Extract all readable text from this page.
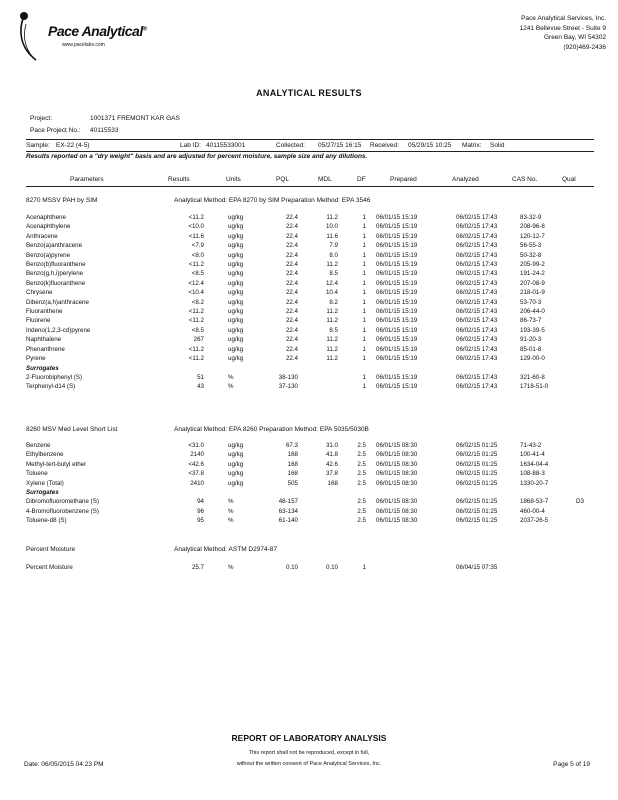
Pace Analytical®
www.pacelabs.com
Pace Analytical Services, Inc.
1241 Bellevue Street - Suite 9
Green Bay, WI 54302
(920)469-2436
ANALYTICAL RESULTS
Project:	1001371 FREMONT KAR GAS
Pace Project No.: 40115533
Sample: EX-22 (4-5)	Lab ID: 40115533001	Collected: 05/27/15 16:15 Received: 05/29/15 10:25 Matrix: Solid
Results reported on a "dry weight" basis and are adjusted for percent moisture, sample size and any dilutions.
Parameters	Results	Units	PQL	MDL	DF	Prepared	Analyzed	CAS No.	Qual
8270 MSSV PAH by SIM	Analytical Method: EPA 8270 by SIM Preparation Method: EPA 3546
Acenaphthene	<11.2	ug/kg	22.4	11.2	1	06/01/15 15:19	06/02/15 17:43	83-32-9	
Acenaphthylene	<10.0	ug/kg	22.4	10.0	1	06/01/15 15:19	06/02/15 17:43	208-96-8	
Anthracene	<11.6	ug/kg	22.4	11.6	1	06/01/15 15:19	06/02/15 17:43	120-12-7	
Benzo(a)anthracene	<7.9	ug/kg	22.4	7.9	1	06/01/15 15:19	06/02/15 17:43	56-55-3	
Benzo(a)pyrene	<8.0	ug/kg	22.4	8.0	1	06/01/15 15:19	06/02/15 17:43	50-32-8	
Benzo(b)fluoranthene	<11.2	ug/kg	22.4	11.2	1	06/01/15 15:19	06/02/15 17:43	205-99-2	
Benzo(g,h,i)perylene	<8.5	ug/kg	22.4	8.5	1	06/01/15 15:19	06/02/15 17:43	191-24-2	
Benzo(k)fluoranthene	<12.4	ug/kg	22.4	12.4	1	06/01/15 15:19	06/02/15 17:43	207-08-9	
Chrysene	<10.4	ug/kg	22.4	10.4	1	06/01/15 15:19	06/02/15 17:43	218-01-9	
Dibenz(a,h)anthracene	<8.2	ug/kg	22.4	8.2	1	06/01/15 15:19	06/02/15 17:43	53-70-3	
Fluoranthene	<11.2	ug/kg	22.4	11.2	1	06/01/15 15:19	06/02/15 17:43	206-44-0	
Fluorene	<11.2	ug/kg	22.4	11.2	1	06/01/15 15:19	06/02/15 17:43	86-73-7	
Indeno(1,2,3-cd)pyrene	<8.5	ug/kg	22.4	8.5	1	06/01/15 15:19	06/02/15 17:43	193-39-5	
Naphthalene	267	ug/kg	22.4	11.2	1	06/01/15 15:19	06/02/15 17:43	91-20-3	
Phenanthrene	<11.2	ug/kg	22.4	11.2	1	06/01/15 15:19	06/02/15 17:43	85-01-8	
Pyrene	<11.2	ug/kg	22.4	11.2	1	06/01/15 15:19	06/02/15 17:43	129-00-0	
Surrogates									
2-Fluorobiphenyl (S)	51	%	38-130		1	06/01/15 15:19	06/02/15 17:43	321-60-8	
Terphenyl-d14 (S)	43	%	37-130		1	06/01/15 15:19	06/02/15 17:43	1718-51-0	
8260 MSV Med Level Short List	Analytical Method: EPA 8260 Preparation Method: EPA 5035/5030B
Benzene	<31.0	ug/kg	67.3	31.0	2.5	06/01/15 08:30	06/02/15 01:25	71-43-2	
Ethylbenzene	2140	ug/kg	168	41.8	2.5	06/01/15 08:30	06/02/15 01:25	100-41-4	
Methyl-tert-butyl ether	<42.6	ug/kg	168	42.6	2.5	06/01/15 08:30	06/02/15 01:25	1634-04-4	
Toluene	<37.8	ug/kg	168	37.8	2.5	06/01/15 08:30	06/02/15 01:25	108-88-3	
Xylene (Total)	2410	ug/kg	505	168	2.5	06/01/15 08:30	06/02/15 01:25	1330-20-7	
Surrogates									
Dibromofluoromethane (S)	94	%	48-157		2.5	06/01/15 08:30	06/02/15 01:25	1868-53-7	D3
4-Bromofluorobenzene (S)	96	%	63-134		2.5	06/01/15 08:30	06/02/15 01:25	460-00-4	
Toluene-d8 (S)	95	%	61-140		2.5	06/01/15 08:30	06/02/15 01:25	2037-26-5	
Percent Moisture	Analytical Method: ASTM D2974-87
Percent Moisture	25.7	%	0.10	0.10	1		06/04/15 07:35		
REPORT OF LABORATORY ANALYSIS
This report shall not be reproduced, except in full,
without the written consent of Pace Analytical Services, Inc.
Date: 06/05/2015 04:23 PM	Page 5 of 19
